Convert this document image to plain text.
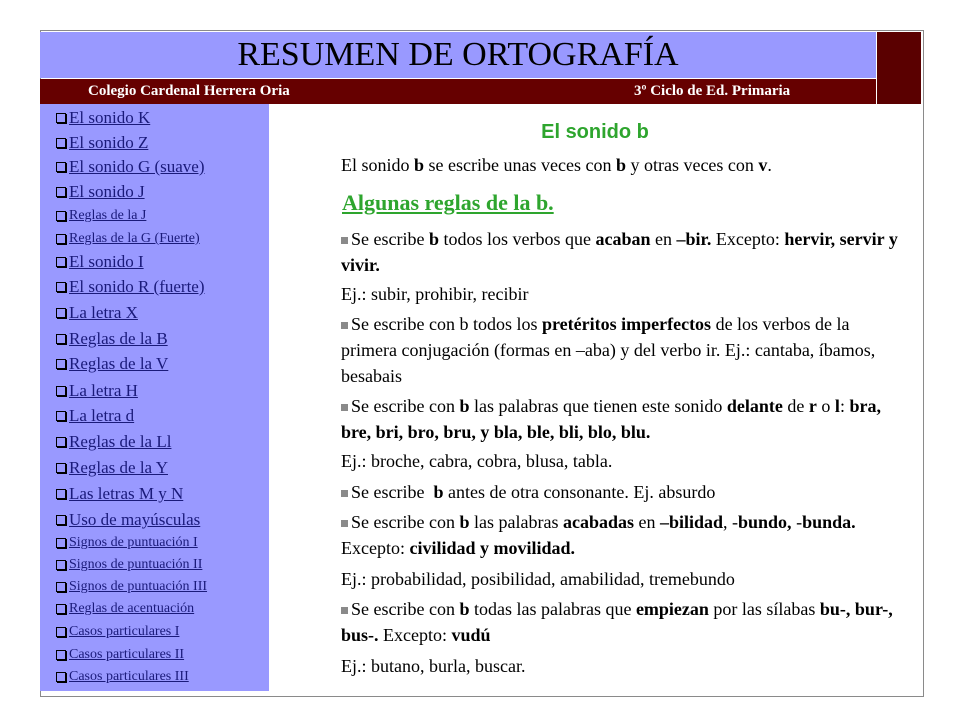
RESUMEN DE ORTOGRAFÍA
Colegio Cardenal Herrera Oria	3º Ciclo de Ed. Primaria
El sonido K
El sonido Z
El sonido G (suave)
El sonido J
Reglas de la J
Reglas de la G (Fuerte)
El sonido I
El sonido R (fuerte)
La letra X
Reglas de la B
Reglas de la V
La letra H
La letra d
Reglas de la Ll
Reglas de la Y
Las letras M y N
Uso de mayúsculas
Signos de puntuación I
Signos de puntuación II
Signos de puntuación III
Reglas de acentuación
Casos particulares I
Casos particulares II
Casos particulares III
El sonido b
El sonido b se escribe unas veces con b y otras veces con v.
Algunas reglas de la b.
Se escribe b todos los verbos que acaban en –bir. Excepto: hervir, servir y vivir.
Ej.: subir, prohibir, recibir
Se escribe con b todos los pretéritos imperfectos de los verbos de la primera conjugación (formas en –aba) y del verbo ir. Ej.: cantaba, íbamos, besabais
Se escribe con b las palabras que tienen este sonido delante de r o l: bra, bre, bri, bro, bru, y bla, ble, bli, blo, blu.
Ej.: broche, cabra, cobra, blusa, tabla.
Se escribe  b antes de otra consonante. Ej. absurdo
Se escribe con b las palabras acabadas en –bilidad, -bundo, -bunda. Excepto: civilidad y movilidad.
Ej.: probabilidad, posibilidad, amabilidad, tremebundo
Se escribe con b todas las palabras que empiezan por las sílabas bu-, bur-, bus-. Excepto: vudú
Ej.: butano, burla, buscar.
